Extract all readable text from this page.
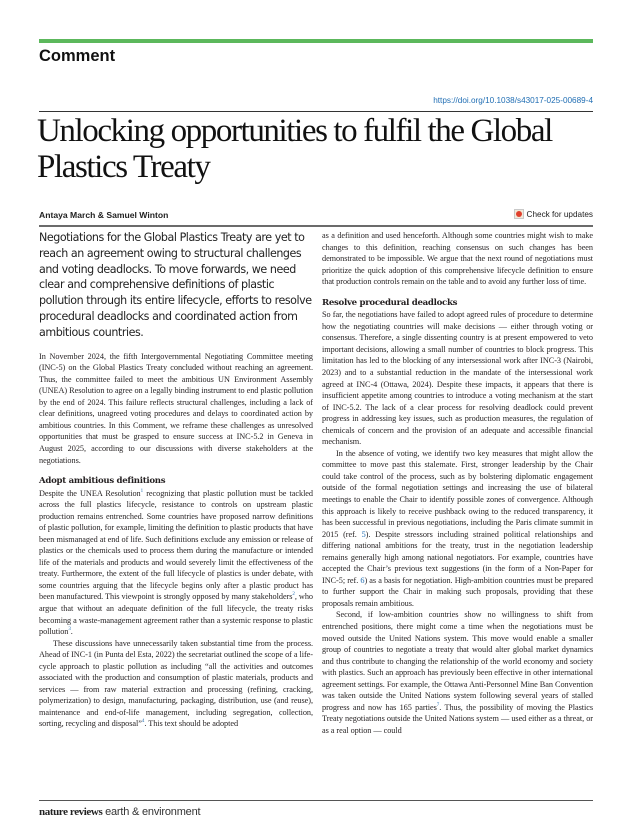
Comment
https://doi.org/10.1038/s43017-025-00689-4
Unlocking opportunities to fulfil the Global Plastics Treaty
Antaya March & Samuel Winton	Check for updates

Negotiations for the Global Plastics Treaty are yet to reach an agreement owing to structural challenges and voting deadlocks. To move forwards, we need clear and comprehensive definitions of plastic pollution through its entire lifecycle, efforts to resolve procedural deadlocks and coordinated action from ambitious countries.

In November 2024, the fifth Intergovernmental Negotiating Committee meeting (INC-5) on the Global Plastics Treaty concluded without reaching an agreement. Thus, the committee failed to meet the ambitious UN Environment Assembly (UNEA) Resolution to agree on a legally binding instrument to end plastic pollution by the end of 2024. This failure reflects structural challenges, including a lack of clear definitions, unagreed voting procedures and delays to coordinated action by ambitious countries. In this Comment, we reframe these challenges as unresolved opportunities that must be grasped to ensure success at INC-5.2 in Geneva in August 2025, according to our discussions with diverse stakeholders at the negotiations.

Adopt ambitious definitions

Despite the UNEA Resolution$^1$ recognizing that plastic pollution must be tackled across the full plastics lifecycle, resistance to controls on upstream plastic production remains entrenched. Some countries have proposed narrow definitions of plastic pollution, for example, limiting the definition to plastic products that have been mismanaged at end of life. Such definitions exclude any emission or release of plastics or the chemicals used to process them during the manufacture or intended life of the materials and products and would severely limit the effectiveness of the treaty. Furthermore, the extent of the full lifecycle of plastics is under debate, with some countries arguing that the lifecycle begins only after a plastic product has been manufactured. This viewpoint is strongly opposed by many stakeholders$^2$, who argue that without an adequate definition of the full lifecycle, the treaty risks becoming a waste-management agreement rather than a systemic response to plastic pollution$^3$.

These discussions have unnecessarily taken substantial time from the process. Ahead of INC-1 (in Punta del Esta, 2022) the secretariat outlined the scope of a life-cycle approach to plastic pollution as including “all the activities and outcomes associated with the production and consumption of plastic materials, products and services — from raw material extraction and processing (refining, cracking, polymerization) to design, manufacturing, packaging, distribution, use (and reuse), maintenance and end-of-life management, including segregation, collection, sorting, recycling and disposal”$^4$. This text should be adopted

as a definition and used henceforth. Although some countries might wish to make changes to this definition, reaching consensus on such changes has been demonstrated to be impossible. We argue that the next round of negotiations must prioritize the quick adoption of this comprehensive lifecycle definition to ensure that production controls remain on the table and to avoid any further loss of time.

Resolve procedural deadlocks

So far, the negotiations have failed to adopt agreed rules of procedure to determine how the negotiating countries will make decisions — either through voting or consensus. Therefore, a single dissenting country is at present empowered to veto important decisions, allowing a small number of countries to block progress. This limitation has led to the blocking of any intersessional work after INC-3 (Nairobi, 2023) and to a substantial reduction in the mandate of the intersessional work agreed at INC-4 (Ottawa, 2024). Despite these impacts, it appears that there is insufficient appetite among countries to introduce a voting mechanism at the start of INC-5.2. The lack of a clear process for resolving deadlock could prevent progress in addressing key issues, such as production measures, the regulation of chemicals of concern and the provision of an adequate and accessible financial mechanism.

In the absence of voting, we identify two key measures that might allow the committee to move past this stalemate. First, stronger leadership by the Chair could take control of the process, such as by bolstering diplomatic engagement outside of the formal negotiation settings and increasing the use of bilateral meetings to enable the Chair to identify possible zones of convergence. Although this approach is likely to receive pushback owing to the reduced transparency, it has been successful in previous negotiations, including the Paris climate summit in 2015 (ref. 5). Despite stressors including strained political relationships and differing national ambitions for the treaty, trust in the negotiation leadership remains generally high among national negotiators. For example, countries have accepted the Chair’s previous text suggestions (in the form of a Non-Paper for INC-5; ref. 6) as a basis for negotiation. High-ambition countries must be prepared to further support the Chair in making such proposals, providing that these proposals remain ambitious.

Second, if low-ambition countries show no willingness to shift from entrenched positions, there might come a time when the negotiations must be moved outside the United Nations system. This move would enable a smaller group of countries to negotiate a treaty that would alter global market dynamics and thus contribute to changing the relationship of the world economy and society with plastics. Such an approach has previously been effective in other international agreement settings. For example, the Ottawa Anti-Personnel Mine Ban Convention was taken outside the United Nations system following several years of stalled progress and now has 165 parties$^7$. Thus, the possibility of moving the Plastics Treaty negotiations outside the United Nations system — used either as a threat, or as a real option — could

nature reviews earth & environment
